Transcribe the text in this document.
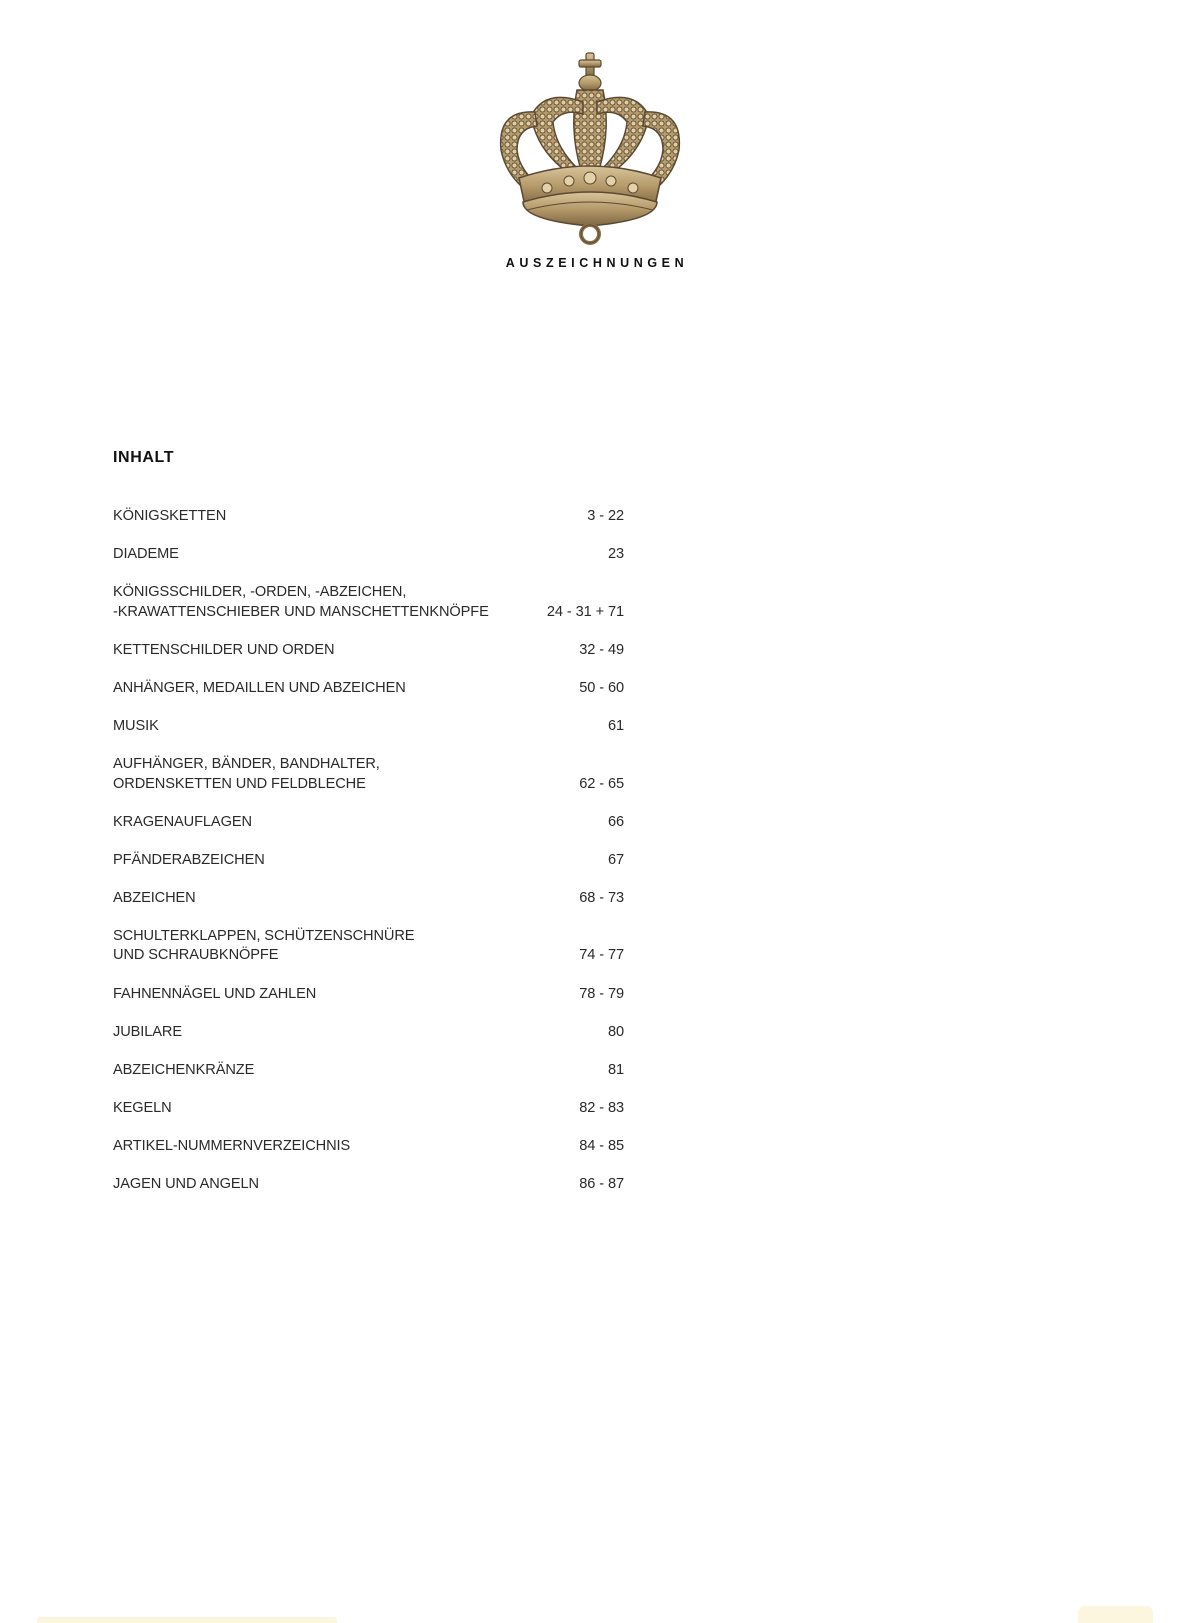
AUSZEICHNUNGEN
INHALT
KÖNIGSKETTEN	3 - 22
DIADEME	23
KÖNIGSSCHILDER, -ORDEN, -ABZEICHEN,
-KRAWATTENSCHIEBER UND MANSCHETTENKNÖPFE	24 - 31 + 71
KETTENSCHILDER UND ORDEN	32 - 49
ANHÄNGER, MEDAILLEN UND ABZEICHEN	50 - 60
MUSIK	61
AUFHÄNGER, BÄNDER, BANDHALTER,
ORDENSKETTEN UND FELDBLECHE	62 - 65
KRAGENAUFLAGEN	66
PFÄNDERABZEICHEN	67
ABZEICHEN	68 - 73
SCHULTERKLAPPEN, SCHÜTZENSCHNÜRE
UND SCHRAUBKNÖPFE	74 - 77
FAHNENNÄGEL UND ZAHLEN	78 - 79
JUBILARE	80
ABZEICHENKRÄNZE	81
KEGELN	82 - 83
ARTIKEL-NUMMERNVERZEICHNIS	84 - 85
JAGEN UND ANGELN	86 - 87
